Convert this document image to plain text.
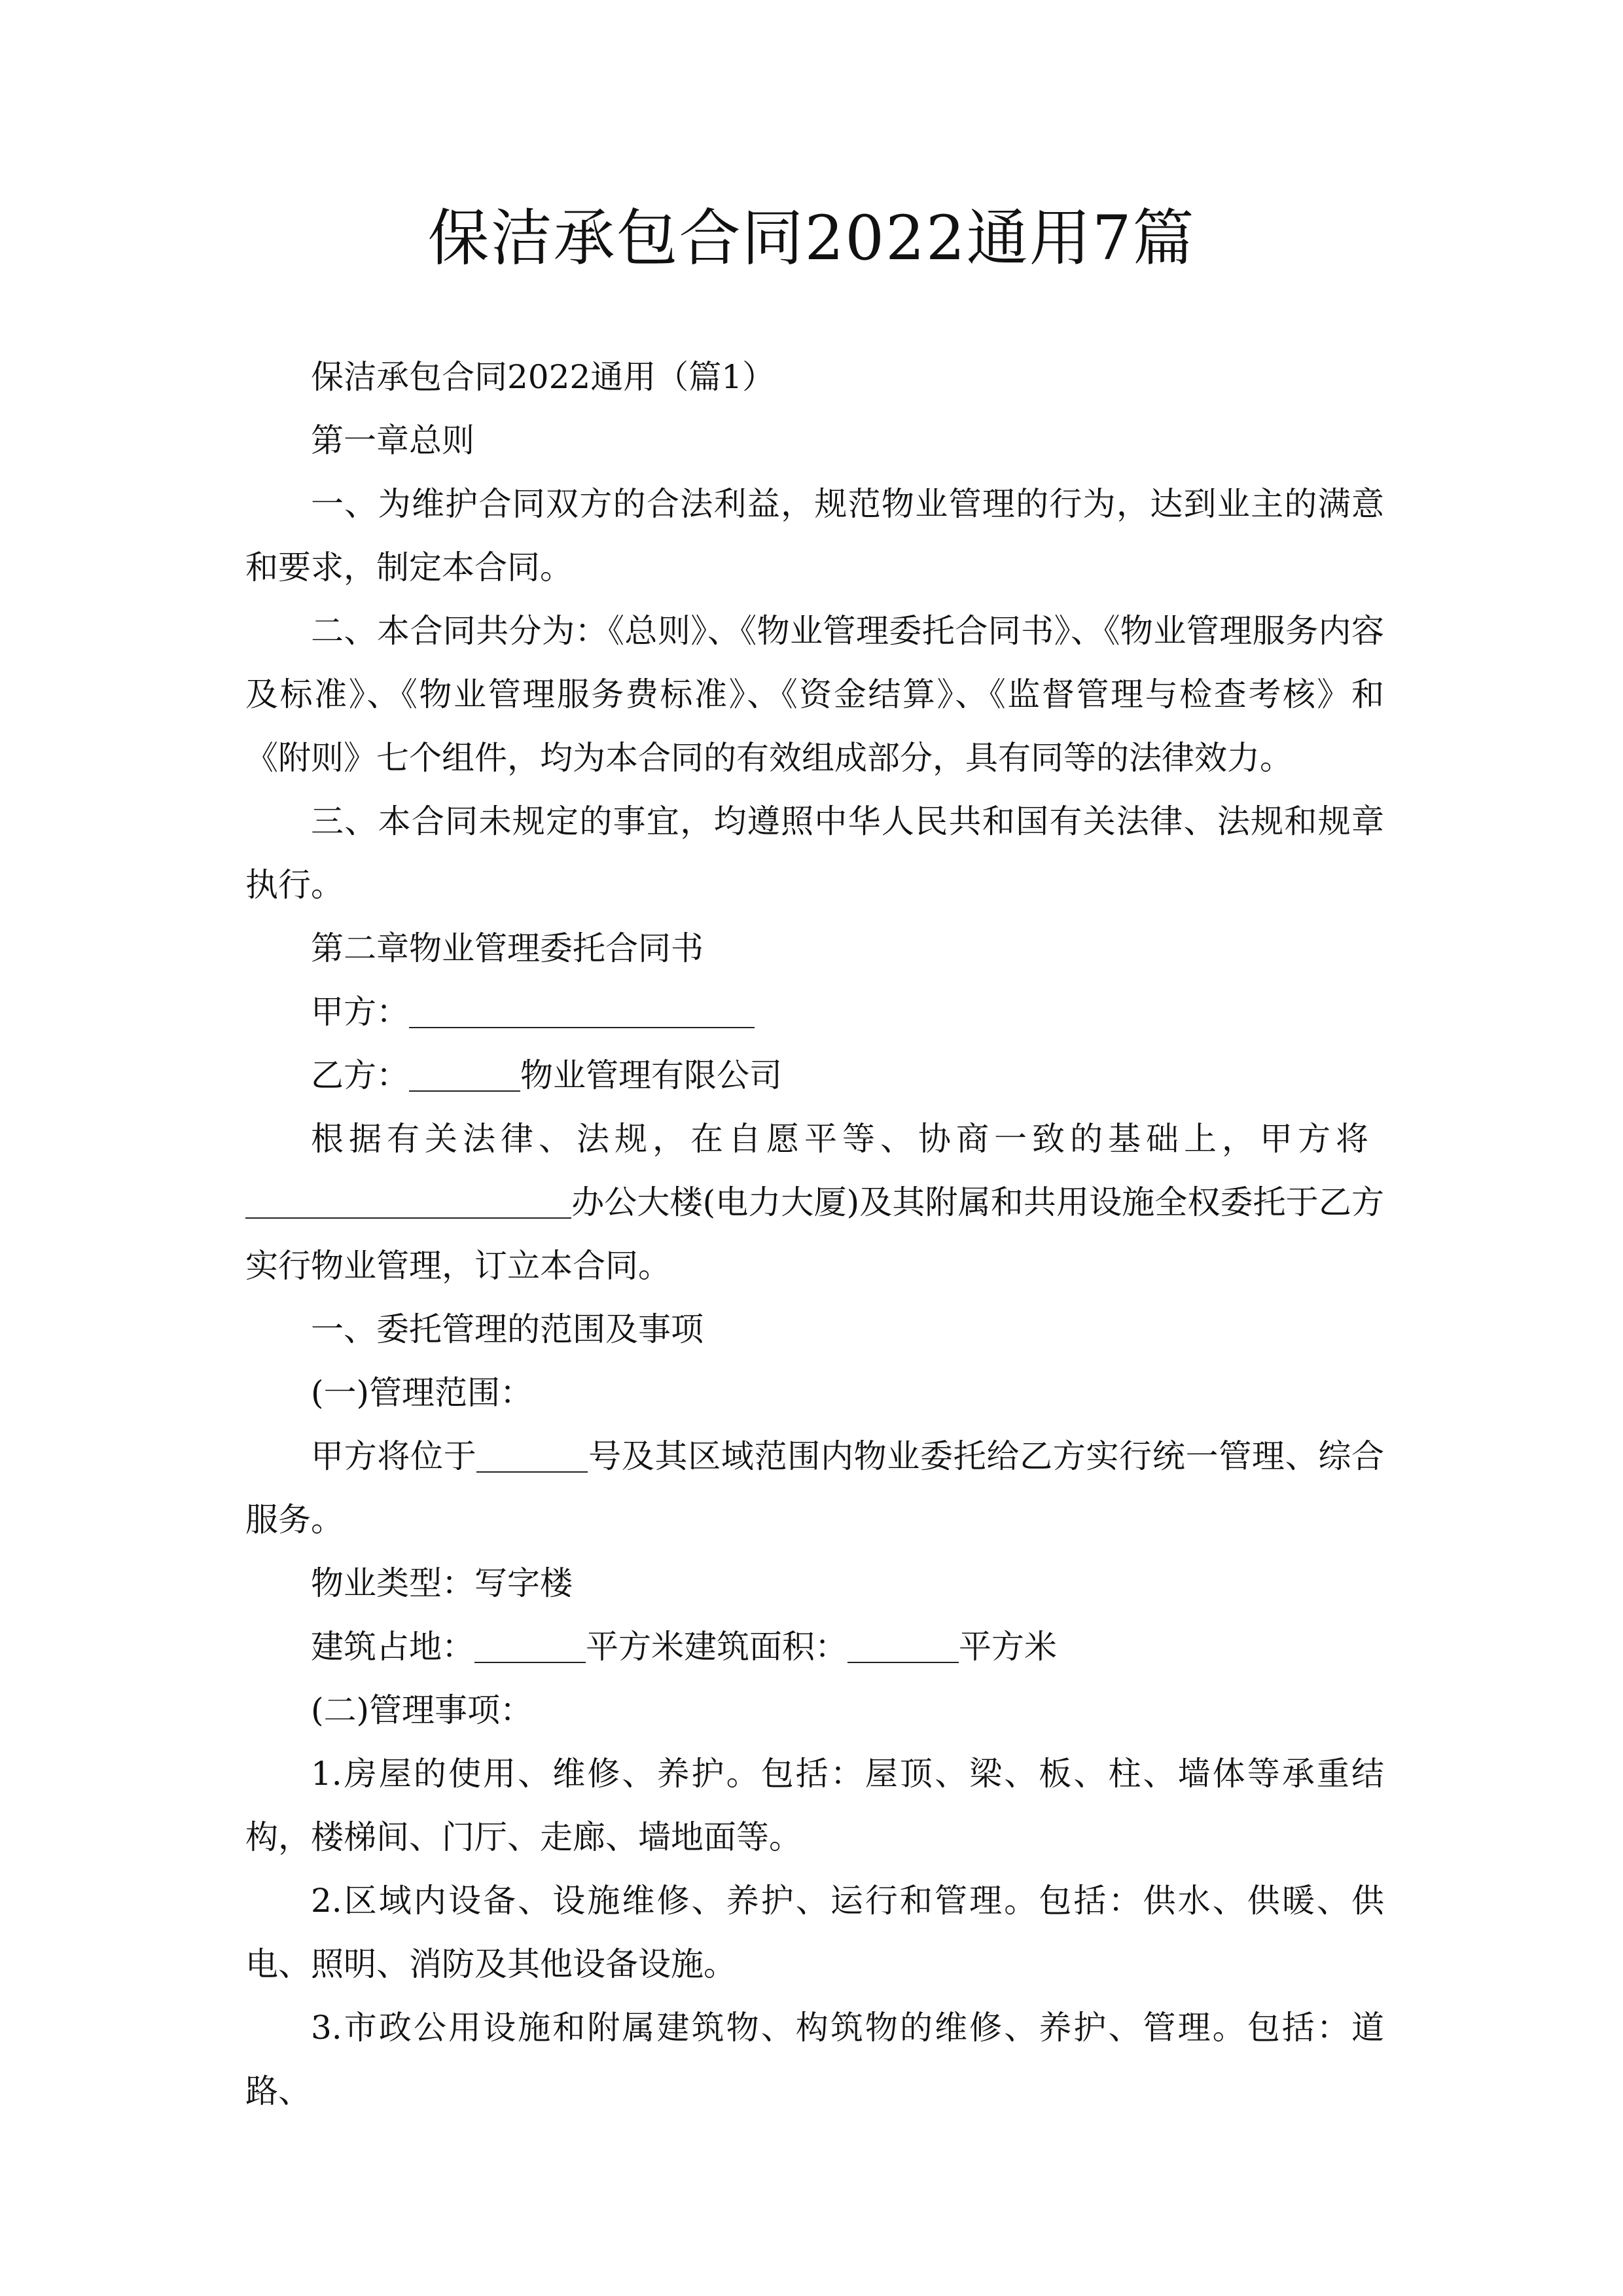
保洁承包合同2022通用7篇

保洁承包合同2022通用（篇1）

第一章总则

一、为维护合同双方的合法利益，规范物业管理的行为，达到业主的满意和要求，制定本合同。

二、本合同共分为：《总则》、《物业管理委托合同书》、《物业管理服务内容及标准》、《物业管理服务费标准》、《资金结算》、《监督管理与检查考核》和《附则》七个组件，均为本合同的有效组成部分，具有同等的法律效力。

三、本合同未规定的事宜，均遵照中华人民共和国有关法律、法规和规章执行。

第二章物业管理委托合同书

甲方：

乙方：	物业管理有限公司

根据有关法律、法规，在自愿平等、协商一致的基础上，甲方将

办公大楼(电力大厦)及其附属和共用设施全权委托于乙方实行物业管理，订立本合同。

一、委托管理的范围及事项

(一)管理范围：

甲方将位于	号及其区域范围内物业委托给乙方实行统一管理、综合服务。

物业类型：写字楼

建筑占地：	平方米建筑面积：	平方米

(二)管理事项：

1.房屋的使用、维修、养护。包括：屋顶、梁、板、柱、墙体等承重结构，楼梯间、门厅、走廊、墙地面等。

2.区域内设备、设施维修、养护、运行和管理。包括：供水、供暖、供电、照明、消防及其他设备设施。

3.市政公用设施和附属建筑物、构筑物的维修、养护、管理。包括：道路、
